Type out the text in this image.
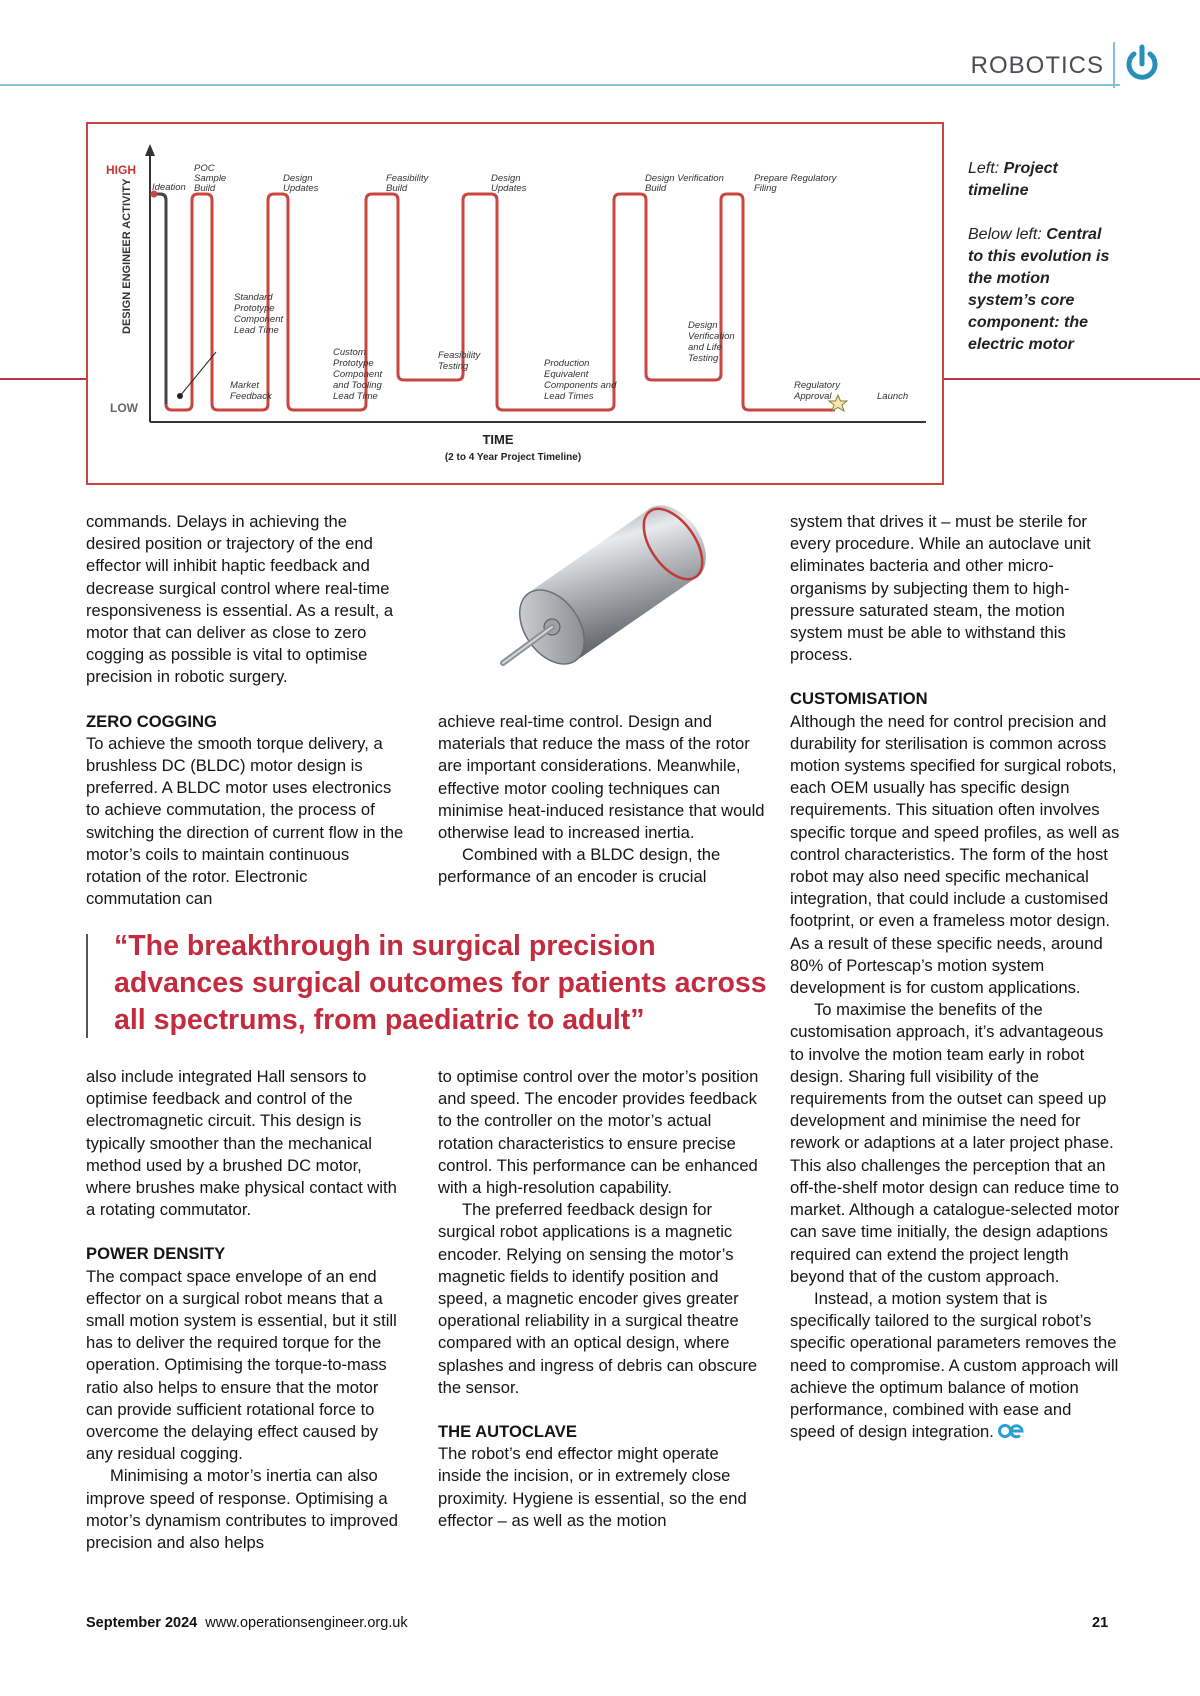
ROBOTICS
HIGH
LOW
DESIGN ENGINEER ACTIVITY
TIME
(2 to 4 Year Project Timeline)
Ideation
POC
Sample
Build
Design
Updates
Feasibility
Build
Design
Updates
Design Verification
Build
Prepare Regulatory
Filing
Standard
Prototype
Component
Lead Time
Market
Feedback
Custom
Prototype
Component
and Tooling
Lead Time
Feasibility
Testing	Production
Equivalent
Components and
Lead Times
Design
Verification
and Life
Testing
Regulatory
Approval	Launch
Left: Project timeline
Below left: Central to this evolution is the motion system’s core component: the electric motor

commands. Delays in achieving the desired position or trajectory of the end effector will inhibit haptic feedback and decrease surgical control where real-time responsiveness is essential. As a result, a motor that can deliver as close to zero cogging as possible is vital to optimise precision in robotic surgery.

ZERO COGGING

To achieve the smooth torque delivery, a brushless DC (BLDC) motor design is preferred. A BLDC motor uses electronics to achieve commutation, the process of switching the direction of current flow in the motor’s coils to maintain continuous rotation of the rotor. Electronic commutation can

achieve real-time control. Design and materials that reduce the mass of the rotor are important considerations. Meanwhile, effective motor cooling techniques can minimise heat-induced resistance that would otherwise lead to increased inertia.

Combined with a BLDC design, the performance of an encoder is crucial

system that drives it – must be sterile for every procedure. While an autoclave unit eliminates bacteria and other micro-organisms by subjecting them to high-pressure saturated steam, the motion system must be able to withstand this process.

CUSTOMISATION

Although the need for control precision and durability for sterilisation is common across motion systems specified for surgical robots, each OEM usually has specific design requirements. This situation often involves specific torque and speed profiles, as well as control characteristics. The form of the host robot may also need specific mechanical integration, that could include a customised footprint, or even a frameless motor design. As a result of these specific needs, around 80% of Portescap’s motion system development is for custom applications.

To maximise the benefits of the customisation approach, it’s advantageous to involve the motion team early in robot design. Sharing full visibility of the requirements from the outset can speed up development and minimise the need for rework or adaptions at a later project phase. This also challenges the perception that an off-the-shelf motor design can reduce time to market. Although a catalogue-selected motor can save time initially, the design adaptions required can extend the project length beyond that of the custom approach.

Instead, a motion system that is specifically tailored to the surgical robot’s specific operational parameters removes the need to compromise. A custom approach will achieve the optimum balance of motion performance, combined with ease and speed of design integration.

“The breakthrough in surgical precision advances surgical outcomes for patients across all spectrums, from paediatric to adult”

also include integrated Hall sensors to optimise feedback and control of the electromagnetic circuit. This design is typically smoother than the mechanical method used by a brushed DC motor, where brushes make physical contact with a rotating commutator.

POWER DENSITY

The compact space envelope of an end effector on a surgical robot means that a small motion system is essential, but it still has to deliver the required torque for the operation. Optimising the torque-to-mass ratio also helps to ensure that the motor can provide sufficient rotational force to overcome the delaying effect caused by any residual cogging.

Minimising a motor’s inertia can also improve speed of response. Optimising a motor’s dynamism contributes to improved precision and also helps

to optimise control over the motor’s position and speed. The encoder provides feedback to the controller on the motor’s actual rotation characteristics to ensure precise control. This performance can be enhanced with a high-resolution capability.

The preferred feedback design for surgical robot applications is a magnetic encoder. Relying on sensing the motor’s magnetic fields to identify position and speed, a magnetic encoder gives greater operational reliability in a surgical theatre compared with an optical design, where splashes and ingress of debris can obscure the sensor.

THE AUTOCLAVE

The robot’s end effector might operate inside the incision, or in extremely close proximity. Hygiene is essential, so the end effector – as well as the motion

September 2024 www.operationsengineer.org.uk	21
